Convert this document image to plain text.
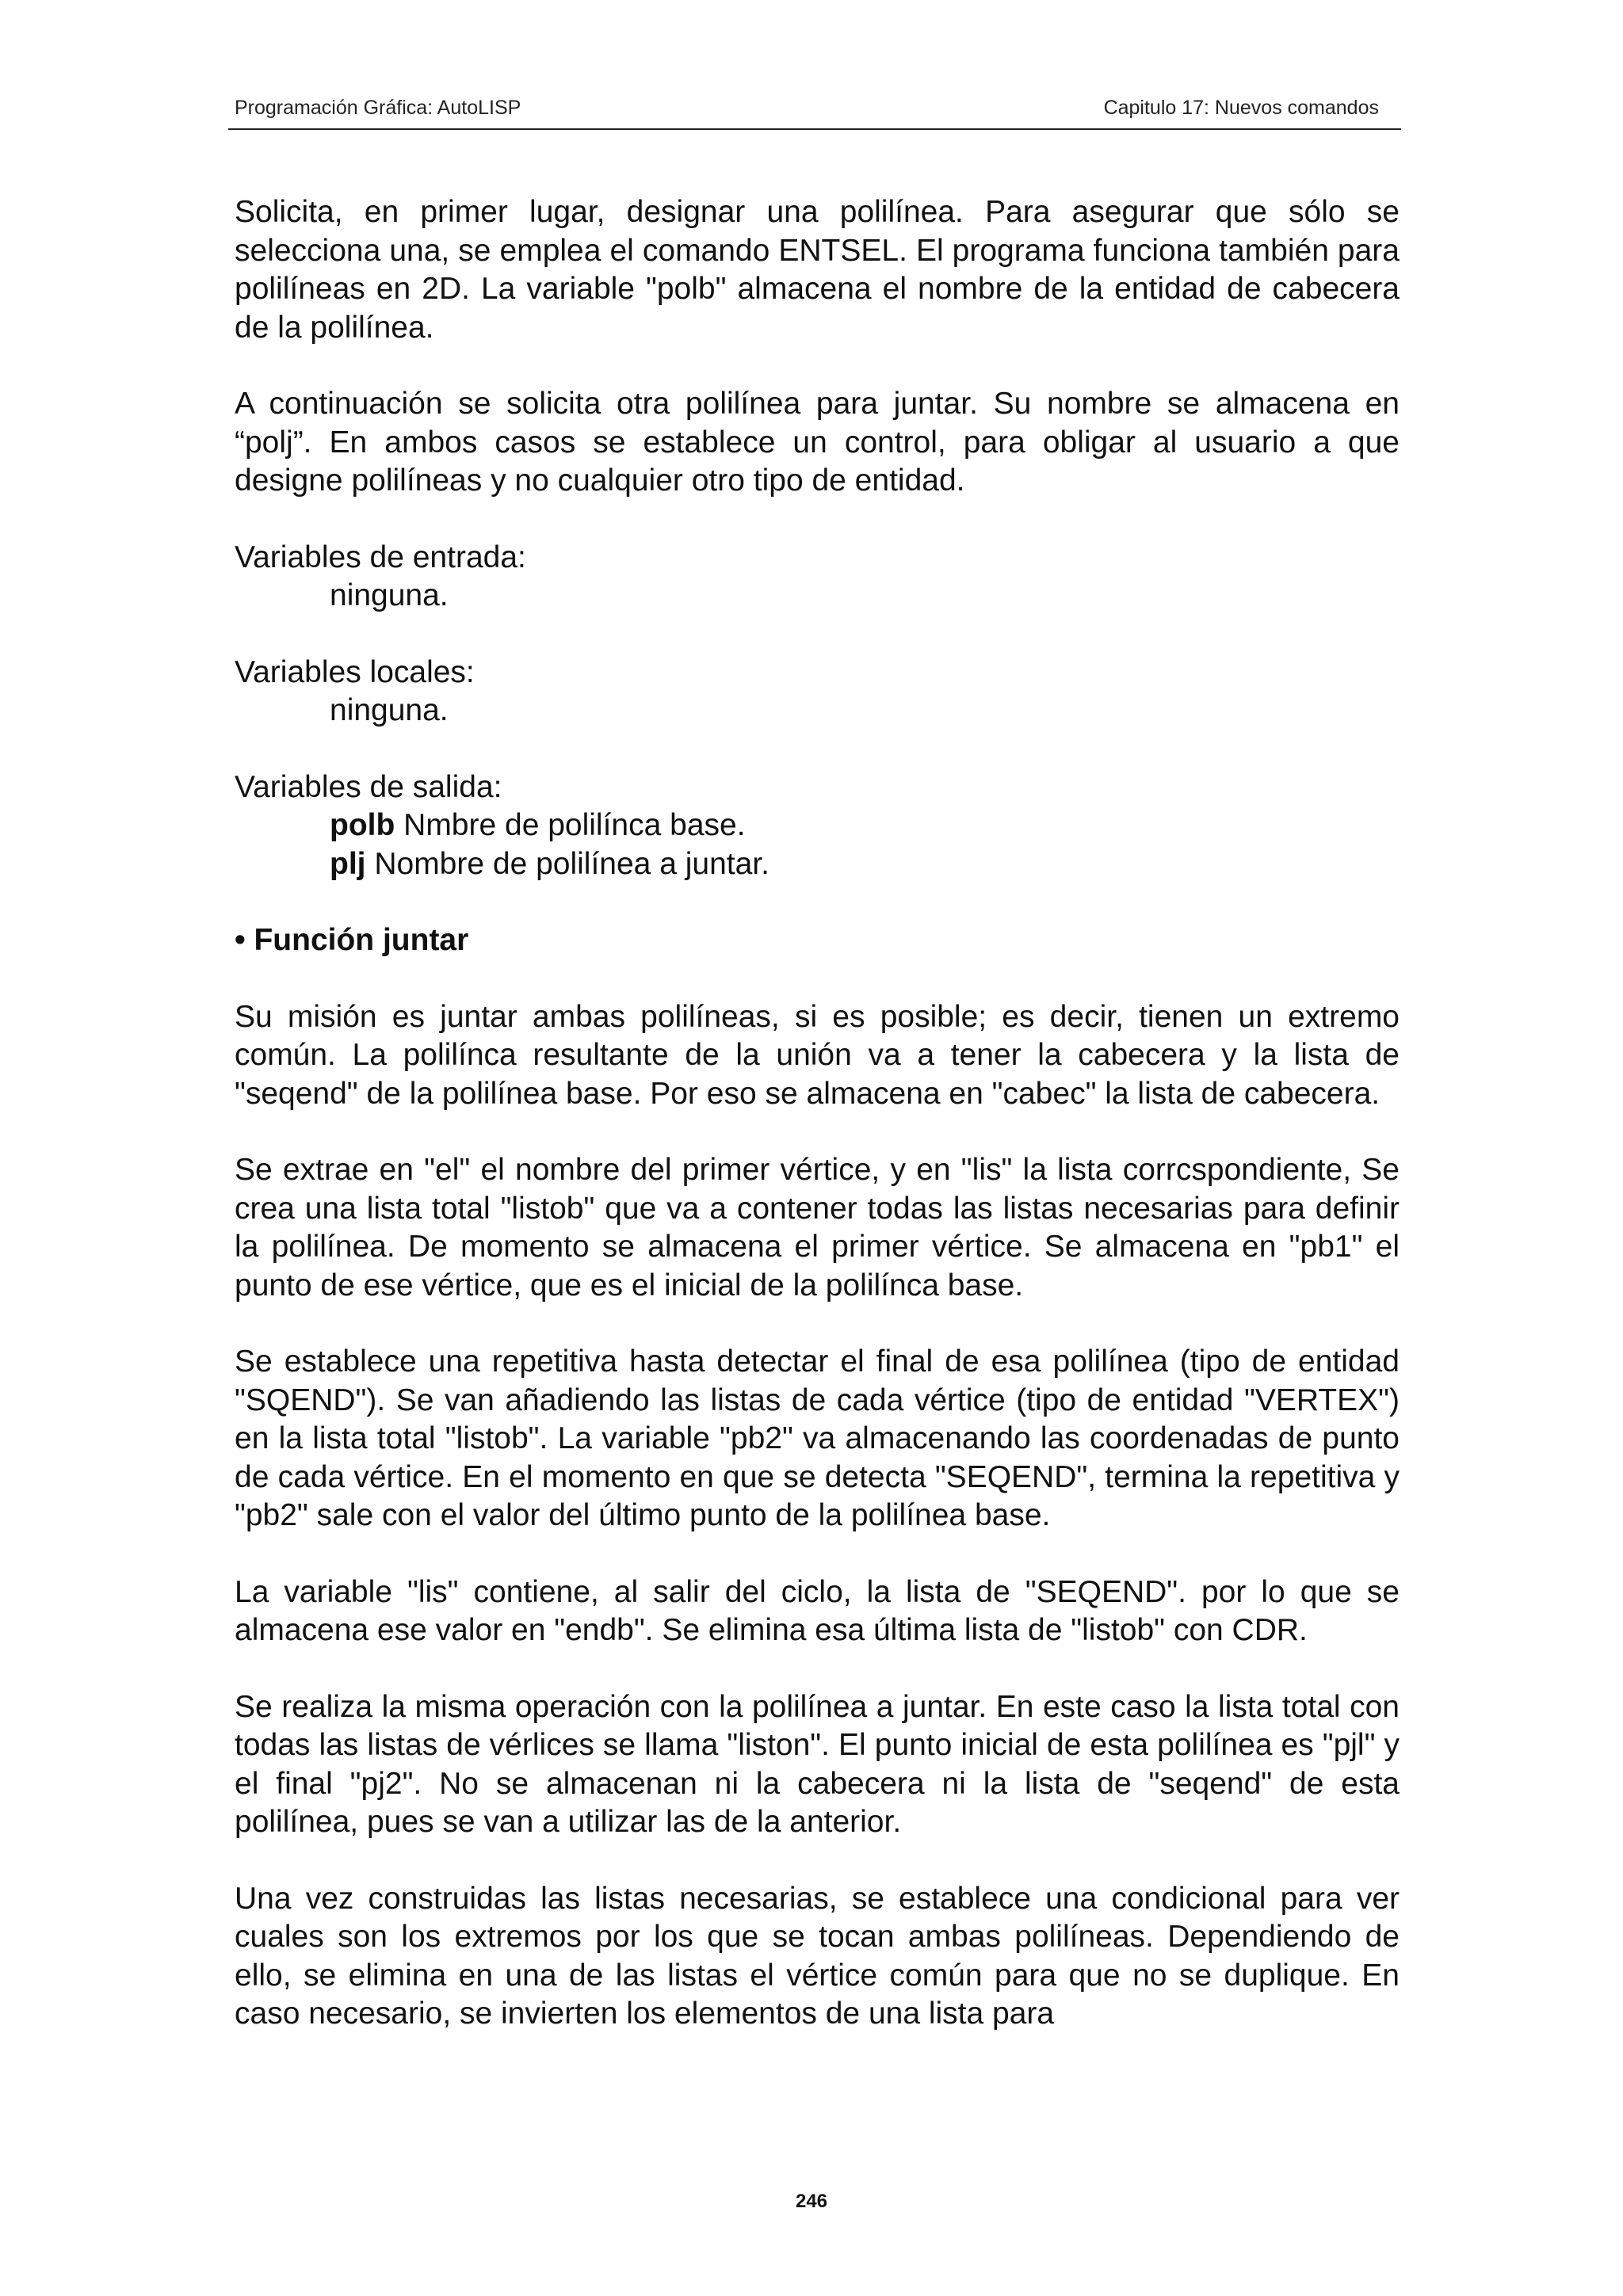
Programación Gráfica: AutoLISP	Capitulo 17: Nuevos comandos

Solicita, en primer lugar, designar una polilínea. Para asegurar que sólo se selecciona una, se emplea el comando ENTSEL. El programa funciona también para polilíneas en 2D. La variable "polb" almacena el nombre de la entidad de cabecera de la polilínea.

A continuación se solicita otra polilínea para juntar. Su nombre se almacena en “polj”. En ambos casos se establece un control, para obligar al usuario a que designe polilíneas y no cualquier otro tipo de entidad.

Variables de entrada:
ninguna.
Variables locales:
ninguna.
Variables de salida:
polb Nmbre de polilínca base.
plj Nombre de polilínea a juntar.
• Función juntar

Su misión es juntar ambas polilíneas, si es posible; es decir, tienen un extremo común. La polilínca resultante de la unión va a tener la cabecera y la lista de "seqend" de la polilínea base. Por eso se almacena en "cabec" la lista de cabecera.

Se extrae en "el" el nombre del primer vértice, y en "lis" la lista corrcspondiente, Se crea una lista total "listob" que va a contener todas las listas necesarias para definir la polilínea. De momento se almacena el primer vértice. Se almacena en "pb1" el punto de ese vértice, que es el inicial de la polilínca base.

Se establece una repetitiva hasta detectar el final de esa polilínea (tipo de entidad "SQEND"). Se van añadiendo las listas de cada vértice (tipo de entidad "VERTEX") en la lista total "listob". La variable "pb2" va almacenando las coordenadas de punto de cada vértice. En el momento en que se detecta "SEQEND", termina la repetitiva y "pb2" sale con el valor del último punto de la polilínea base.

La variable "lis" contiene, al salir del ciclo, la lista de "SEQEND". por lo que se almacena ese valor en "endb". Se elimina esa última lista de "listob" con CDR.

Se realiza la misma operación con la polilínea a juntar. En este caso la lista total con todas las listas de vérlices se llama "liston". El punto inicial de esta polilínea es "pjl" y el final "pj2". No se almacenan ni la cabecera ni la lista de "seqend" de esta polilínea, pues se van a utilizar las de la anterior.

Una vez construidas las listas necesarias, se establece una condicional para ver cuales son los extremos por los que se tocan ambas polilíneas. Dependiendo de ello, se elimina en una de las listas el vértice común para que no se duplique. En caso necesario, se invierten los elementos de una lista para

246
